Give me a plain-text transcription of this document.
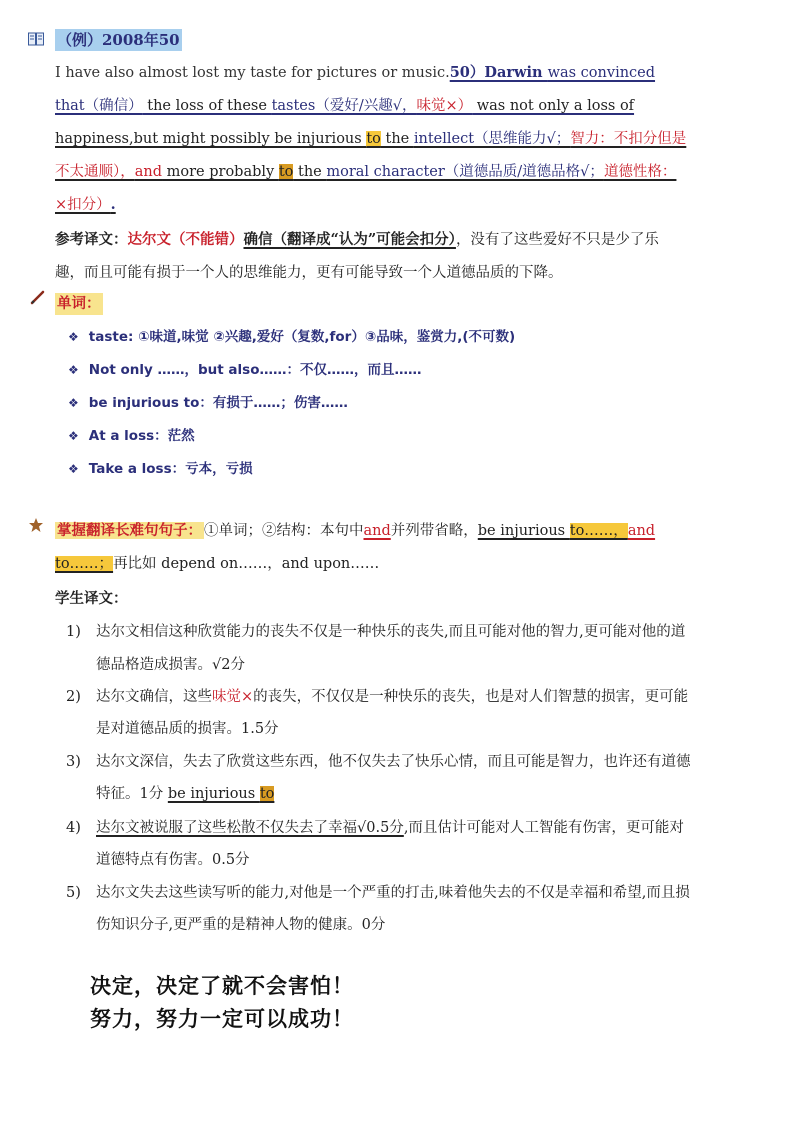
（例）2008年50
I have also almost lost my taste for pictures or music.50）Darwin was convinced
that（确信） the loss of these tastes（爱好/兴趣√，味觉×） was not only a loss of
happiness,but might possibly be injurious to the intellect（思维能力√；智力：不扣分但是
不太通顺），and more probably to the moral character（道德品质/道德品格√；道德性格：
×扣分）.
参考译文：达尔文（不能错）确信（翻译成“认为”可能会扣分），没有了这些爱好不只是少了乐
趣，而且可能有损于一个人的思维能力，更有可能导致一个人道德品质的下降。
单词：
❖ taste: ①味道,味觉 ②兴趣,爱好（复数,for）③品味，鉴赏力,(不可数)
❖ Not only ……，but also……：不仅……，而且……
❖ be injurious to：有损于……；伤害……
❖ At a loss：茫然
❖ Take a loss：亏本，亏损
掌握翻译长难句句子： ①单词；②结构：本句中and并列带省略，be injurious to……，and
to……；再比如 depend on……，and upon……
学生译文：
1) 达尔文相信这种欣赏能力的丧失不仅是一种快乐的丧失,而且可能对他的智力,更可能对他的道
德品格造成损害。√2分
2) 达尔文确信，这些味觉×的丧失，不仅仅是一种快乐的丧失，也是对人们智慧的损害，更可能
是对道德品质的损害。1.5分
3) 达尔文深信，失去了欣赏这些东西，他不仅失去了快乐心情，而且可能是智力，也许还有道德
特征。1分 be injurious to
4) 达尔文被说服了这些松散不仅失去了幸福√0.5分,而且估计可能对人工智能有伤害，更可能对
道德特点有伤害。0.5分
5) 达尔文失去这些读写听的能力,对他是一个严重的打击,味着他失去的不仅是幸福和希望,而且损
伤知识分子,更严重的是精神人物的健康。0分
决定，决定了就不会害怕！
努力，努力一定可以成功！
